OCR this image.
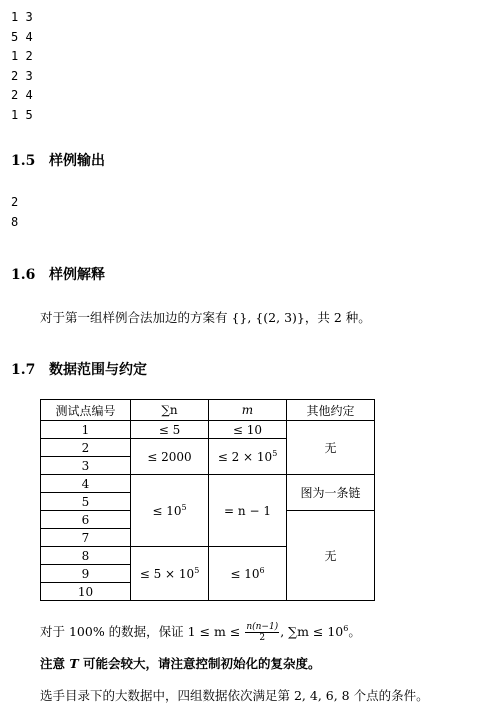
1 3
5 4
1 2
2 3
2 4
1 5
1.5 样例输出
2
8
1.6 样例解释
对于第一组样例合法加边的方案有 {}, {(2, 3)}，共 2 种。
1.7 数据范围与约定
测试点编号	∑n	m	其他约定
1	≤ 5	≤ 10	无
2	≤ 2000	≤ $2 \times 10^5$
3			
4	≤ $10^5$	= n − 1	图为一条链
5			
6			无
7			
8	≤ $5 \times 10^5$	≤ $10^6$
9			
10			
对于 100% 的数据，保证 $1 \le m \le \frac{n(n-1)}{2}$ , $\sum m \le 10^6$。
注意 T 可能会较大，请注意控制初始化的复杂度。
选手目录下的大数据中，四组数据依次满足第 2, 4, 6, 8 个点的条件。
